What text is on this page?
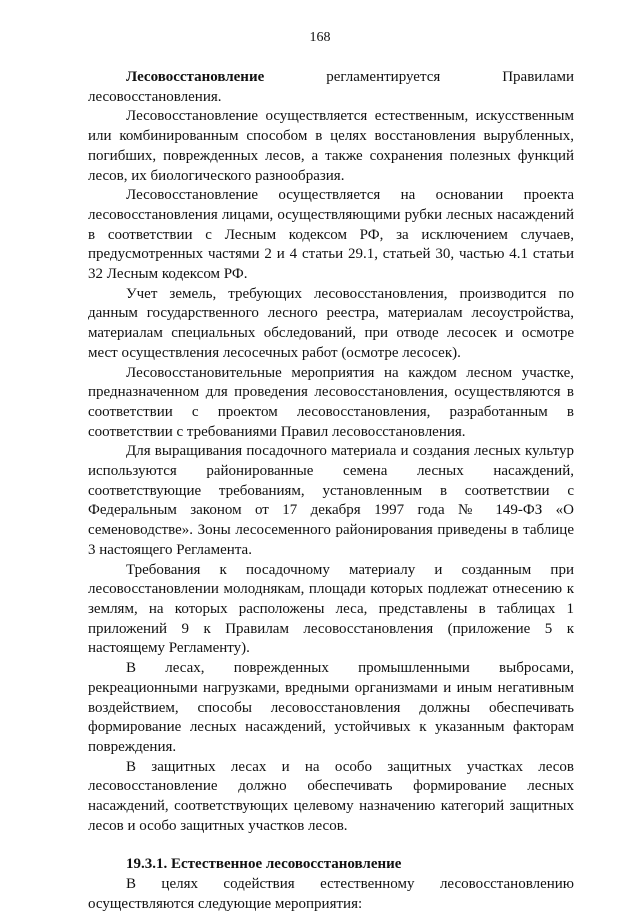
168

Лесовосстановление регламентируется Правилами лесовосстановления.

Лесовосстановление осуществляется естественным, искусственным или комбинированным способом в целях восстановления вырубленных, погибших, поврежденных лесов, а также сохранения полезных функций лесов, их биологического разнообразия.

Лесовосстановление осуществляется на основании проекта лесовосстановления лицами, осуществляющими рубки лесных насаждений в соответствии с Лесным кодексом РФ, за исключением случаев, предусмотренных частями 2 и 4 статьи 29.1, статьей 30, частью 4.1 статьи 32 Лесным кодексом РФ.

Учет земель, требующих лесовосстановления, производится по данным государственного лесного реестра, материалам лесоустройства, материалам специальных обследований, при отводе лесосек и осмотре мест осуществления лесосечных работ (осмотре лесосек).

Лесовосстановительные мероприятия на каждом лесном участке, предназначенном для проведения лесовосстановления, осуществляются в соответствии с проектом лесовосстановления, разработанным в соответствии с требованиями Правил лесовосстановления.

Для выращивания посадочного материала и создания лесных культур используются районированные семена лесных насаждений, соответствующие требованиям, установленным в соответствии с Федеральным законом от 17 декабря 1997 года № 149-ФЗ «О семеноводстве». Зоны лесосеменного районирования приведены в таблице 3 настоящего Регламента.

Требования к посадочному материалу и созданным при лесовосстановлении молоднякам, площади которых подлежат отнесению к землям, на которых расположены леса, представлены в таблицах 1 приложений 9 к Правилам лесовосстановления (приложение 5 к настоящему Регламенту).

В лесах, поврежденных промышленными выбросами, рекреационными нагрузками, вредными организмами и иным негативным воздействием, способы лесовосстановления должны обеспечивать формирование лесных насаждений, устойчивых к указанным факторам повреждения.

В защитных лесах и на особо защитных участках лесов лесовосстановление должно обеспечивать формирование лесных насаждений, соответствующих целевому назначению категорий защитных лесов и особо защитных участков лесов.

19.3.1. Естественное лесовосстановление

В целях содействия естественному лесовосстановлению осуществляются следующие мероприятия:
